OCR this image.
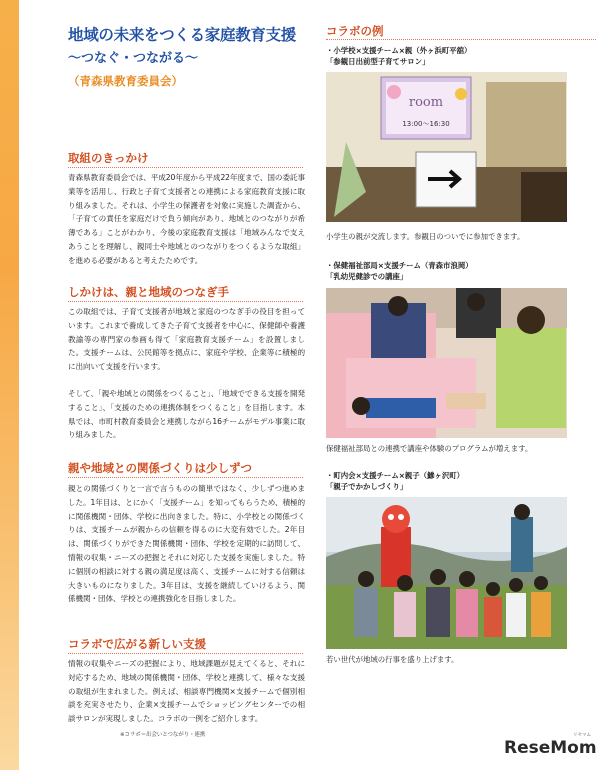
地域の未来をつくる家庭教育支援
～つなぐ・つながる～
（青森県教育委員会）
取組のきっかけ
青森県教育委員会では、平成20年度から平成22年度まで、国の委託事業等を活用し、行政と子育て支援者との連携による家庭教育支援に取り組みました。それは、小学生の保護者を対象に実施した調査から、「子育ての責任を家庭だけで負う傾向があり、地域とのつながりが希薄である」ことがわかり、今後の家庭教育支援は「地域みんなで支えあうことを理解し、親同士や地域とのつながりをつくるような取組」を進める必要があると考えたためです。
しかけは、親と地域のつなぎ手
この取組では、子育て支援者が地域と家庭のつなぎ手の役目を担っています。これまで養成してきた子育て支援者を中心に、保健師や養護教諭等の専門家の参画も得て「家庭教育支援チーム」を設置しました。支援チームは、公民館等を拠点に、家庭や学校、企業等に積極的に出向いて支援を行います。
そして、「親や地域との関係をつくること」、「地域でできる支援を開発すること」、「支援のための連携体制をつくること」を目指します。本県では、市町村教育委員会と連携しながら16チームがモデル事業に取り組みました。
親や地域との関係づくりは少しずつ
親との関係づくりと一言で言うものの簡単ではなく、少しずつ進めました。1年目は、とにかく「支援チーム」を知ってもらうため、積極的に関係機関・団体、学校に出向きました。特に、小学校との関係づくりは、支援チームが親からの信頼を得るのに大変有効でした。2年目は、関係づくりができた関係機関・団体、学校を定期的に訪問して、情報の収集・ニーズの把握とそれに対応した支援を実施しました。特に個別の相談に対する親の満足度は高く、支援チームに対する信頼は大きいものになりました。3年目は、支援を継続していけるよう、関係機関・団体、学校との連携強化を目指しました。
コラボで広がる新しい支援
情報の収集やニーズの把握により、地域課題が見えてくると、それに対応するため、地域の関係機関・団体、学校と連携して、様々な支援の取組が生まれました。例えば、相談専門機関×支援チームで個別相談を充実させたり、企業×支援チームでショッピングセンターでの相談サロンが実現しました。コラボの一例をご紹介します。
※コラボ＝出会いとつながり・連携
コラボの例
・小学校×支援チーム×親（外ヶ浜町平舘）
「参観日出前型子育てサロン」
room
13:00～16:30
小学生の親が交流します。参観日のついでに参加できます。
・保健福祉部局×支援チーム（青森市浪岡）
「乳幼児健診での講座」
保健福祉部局との連携で講座や体験のプログラムが増えます。
・町内会×支援チーム×親子（鰺ヶ沢町）
「親子でかかしづくり」
若い世代が地域の行事を盛り上げます。
リセマム
ReseMom
